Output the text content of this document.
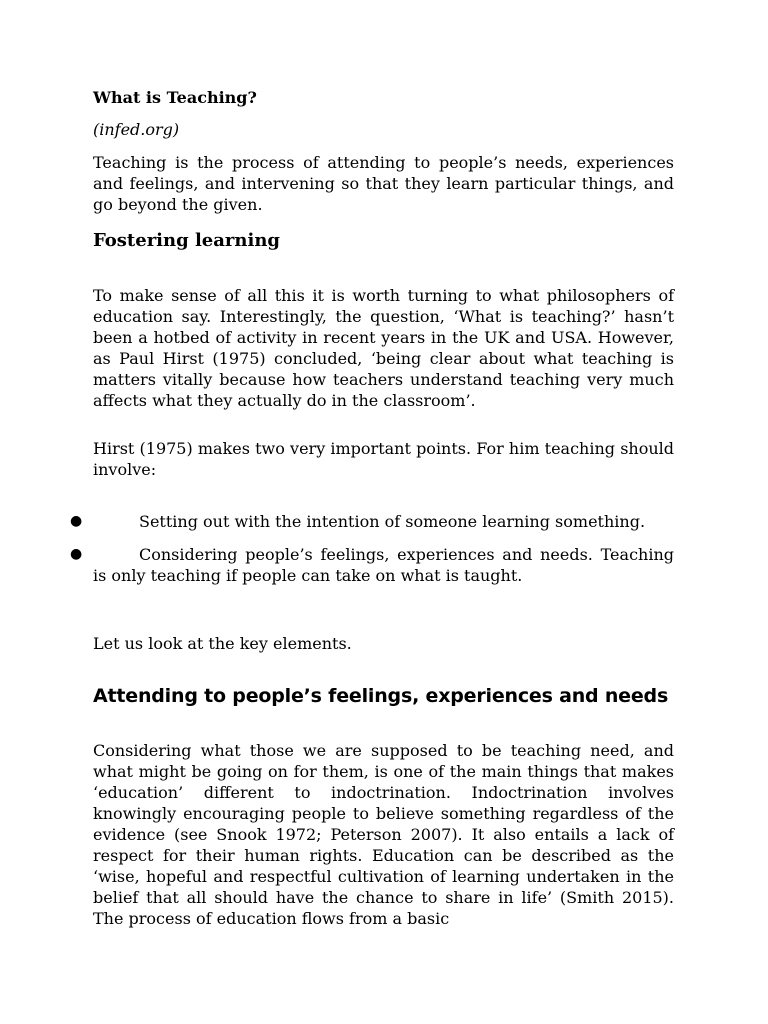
What is Teaching?

(infed.org)

Teaching is the process of attending to people’s needs, experiences and feelings, and intervening so that they learn particular things, and go beyond the given.

Fostering learning

To make sense of all this it is worth turning to what philosophers of education say. Interestingly, the question, ‘What is teaching?’ hasn’t been a hotbed of activity in recent years in the UK and USA. However, as Paul Hirst (1975) concluded, ‘being clear about what teaching is matters vitally because how teachers understand teaching very much affects what they actually do in the classroom’.

Hirst (1975) makes two very important points. For him teaching should involve:

●	Setting out with the intention of someone learning something.
●	Considering people’s feelings, experiences and needs. Teaching is only teaching if people can take on what is taught.

Let us look at the key elements.

Attending to people’s feelings, experiences and needs

Considering what those we are supposed to be teaching need, and what might be going on for them, is one of the main things that makes ‘education’ different to indoctrination. Indoctrination involves knowingly encouraging people to believe something regardless of the evidence (see Snook 1972; Peterson 2007). It also entails a lack of respect for their human rights. Education can be described as the ‘wise, hopeful and respectful cultivation of learning undertaken in the belief that all should have the chance to share in life’ (Smith 2015). The process of education flows from a basic
